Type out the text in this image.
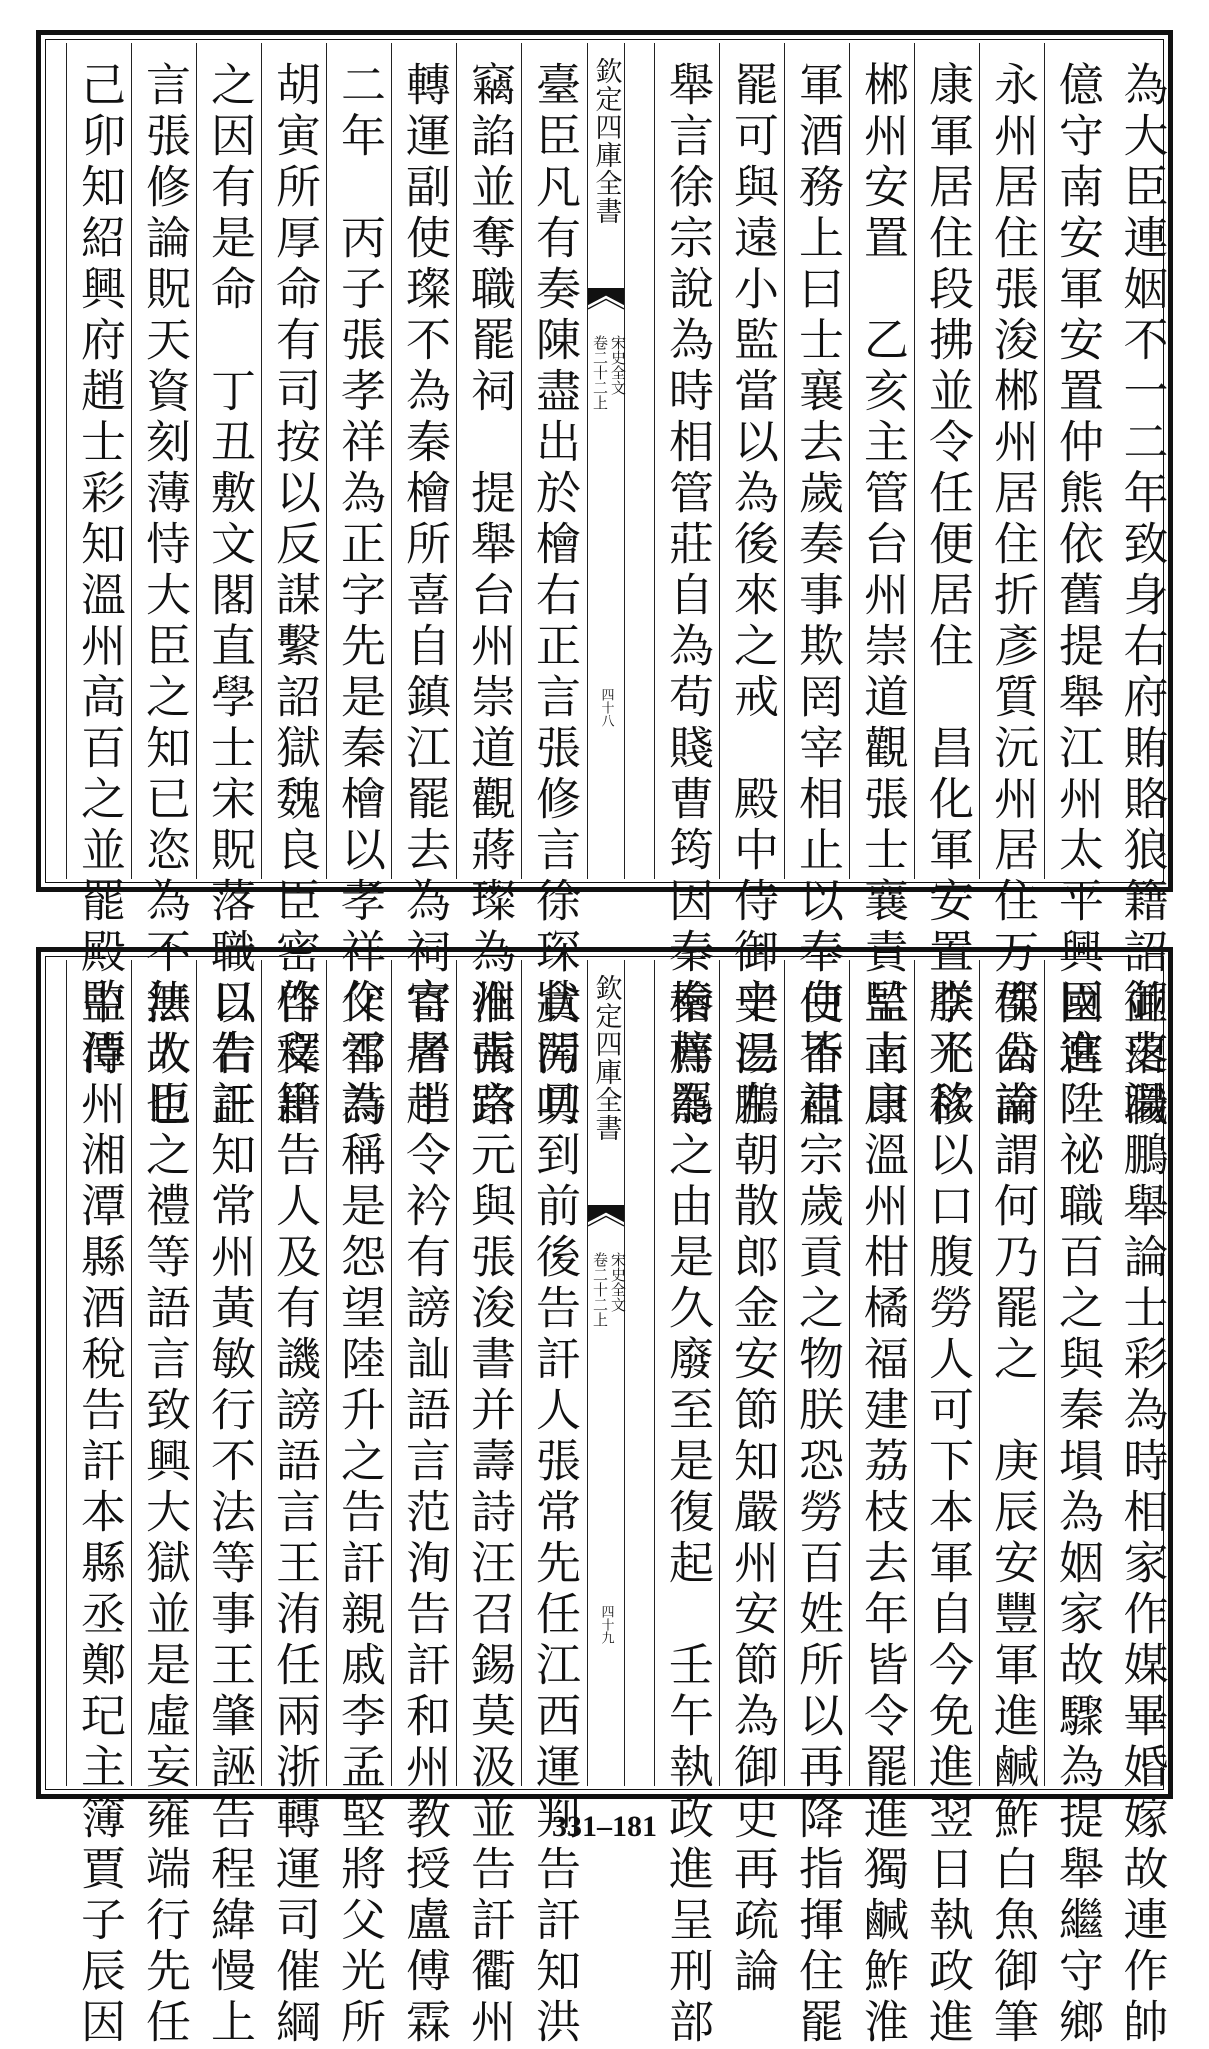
為大臣連姻不一二年致身右府賄賂狼籍詔並落職
億守南安軍安置仲熊依舊提舉江州太平興國宮
永州居住張浚郴州居住折彥質沅州居住万俟卨南
康軍居住段拂並令任便居住　昌化軍安置李光移
郴州安置　乙亥主管台州崇道觀張士襄責監南康
軍酒務上曰士襄去歲奏事欺罔宰相止以奉使不肅
罷可與遠小監當以為後來之戒　殿中侍御史湯鵬
舉言徐宗說為時相管莊自為苟賤曹筠因秦檜薦為
欽定四庫全書
宋史全文
卷二十二上
四十八
臺臣凡有奏陳盡出於檜右正言張修言徐琛貪污叨
竊諂並奪職罷祠　提舉台州崇道觀蔣璨為淮南路
轉運副使璨不為秦檜所喜自鎮江罷去為祠官者十
二年　丙子張孝祥為正字先是秦檜以孝祥父祁為
胡寅所厚命有司按以反謀繫詔獄魏良臣密啓釋出
之因有是命　丁丑敷文閣直學士宋貺落職以右正
言張修論貺天資刻薄恃大臣之知已恣為不法故也
己卯知紹興府趙士彩知溫州高百之並罷殿中侍
御史湯鵬舉論士彩為時相家作媒畢婚嫁故連作帥
臣進陞祕職百之與秦塤為姻家故驟為提舉繼守鄉
郡公論謂何乃罷之　庚辰安豐軍進鹹鮓白魚御筆
朕不欲以口腹勞人可下本軍自今免進翌日執政進
呈上曰溫州柑橘福建荔枝去年皆令罷進獨鹹鮓淮
白皆祖宗歲貢之物朕恐勞百姓所以再降指揮住罷
辛巳左朝散郎金安節知嚴州安節為御史再疏論
秦梓罷之由是久廢至是復起　壬午執政進呈刑部
欽定四庫全書
宋史全文
卷二十二上
四十九
狀開具到前後告訐人張常先任江西運判告訐知洪
州張宗元與張浚書并壽詩汪召錫莫汲並告訐衢州
寄居趙令衿有謗訕語言范洵告訐和州教授盧傅霖
作雪詩稱是怨望陸升之告訐親戚李孟堅將父光所
作文籍告人及有譏謗語言王洧任兩浙轉運司催綱
日告訐知常州黃敏行不法等事王肇誣告程緯慢上
無人臣之禮等語言致興大獄並是虛妄雍端行先任
監潭州湘潭縣酒稅告訐本縣丞鄭玘主簿賈子辰因	331–181
